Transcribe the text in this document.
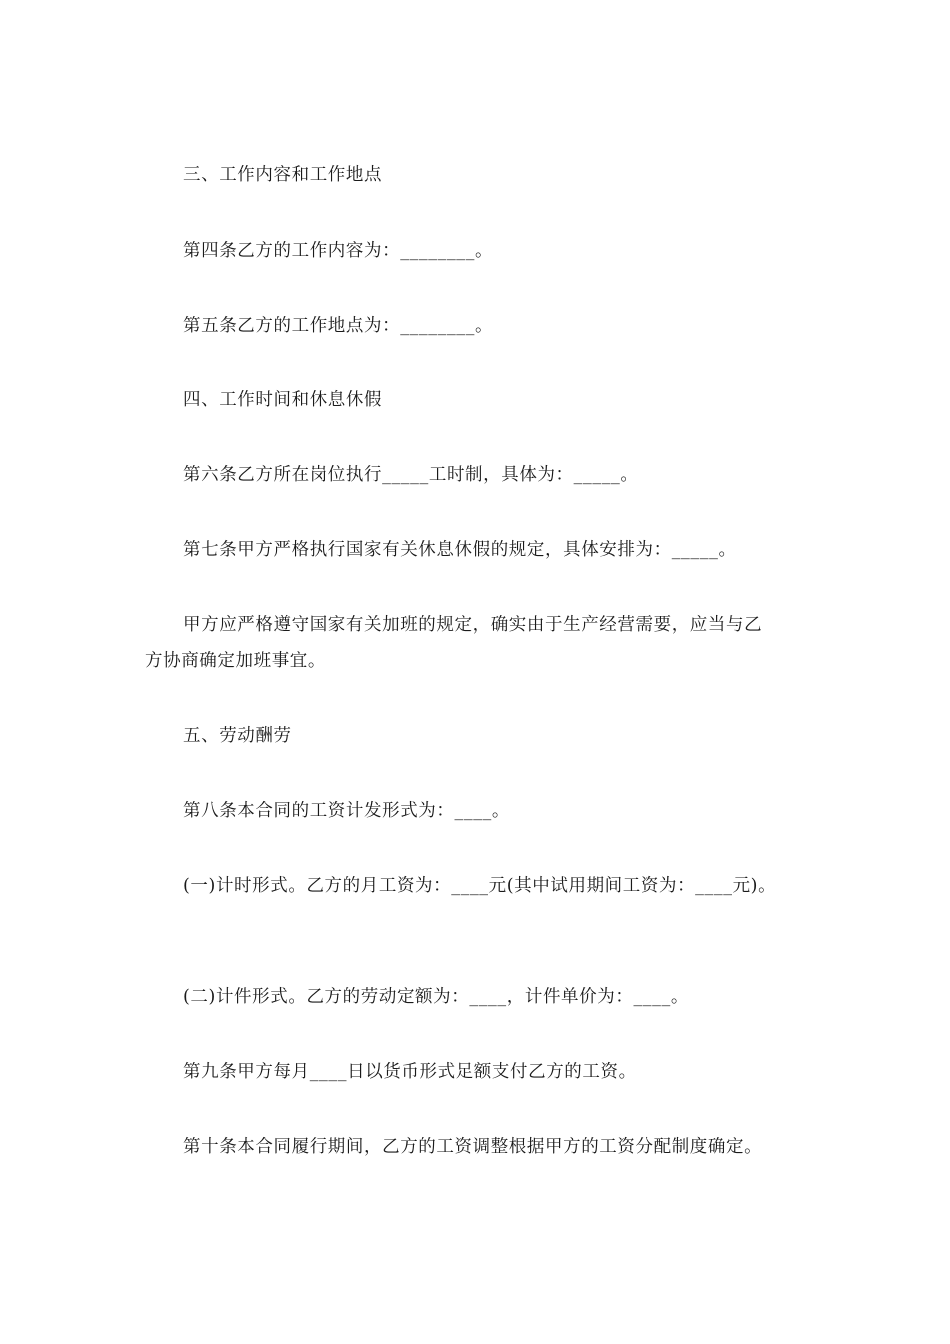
三、工作内容和工作地点
第四条乙方的工作内容为：________。
第五条乙方的工作地点为：________。
四、工作时间和休息休假
第六条乙方所在岗位执行_____工时制，具体为：_____。
第七条甲方严格执行国家有关休息休假的规定，具体安排为：_____。
甲方应严格遵守国家有关加班的规定，确实由于生产经营需要，应当与乙
方协商确定加班事宜。
五、劳动酬劳
第八条本合同的工资计发形式为：____。
(一)计时形式。乙方的月工资为：____元(其中试用期间工资为：____元)。
(二)计件形式。乙方的劳动定额为：____，计件单价为：____。
第九条甲方每月____日以货币形式足额支付乙方的工资。
第十条本合同履行期间，乙方的工资调整根据甲方的工资分配制度确定。
